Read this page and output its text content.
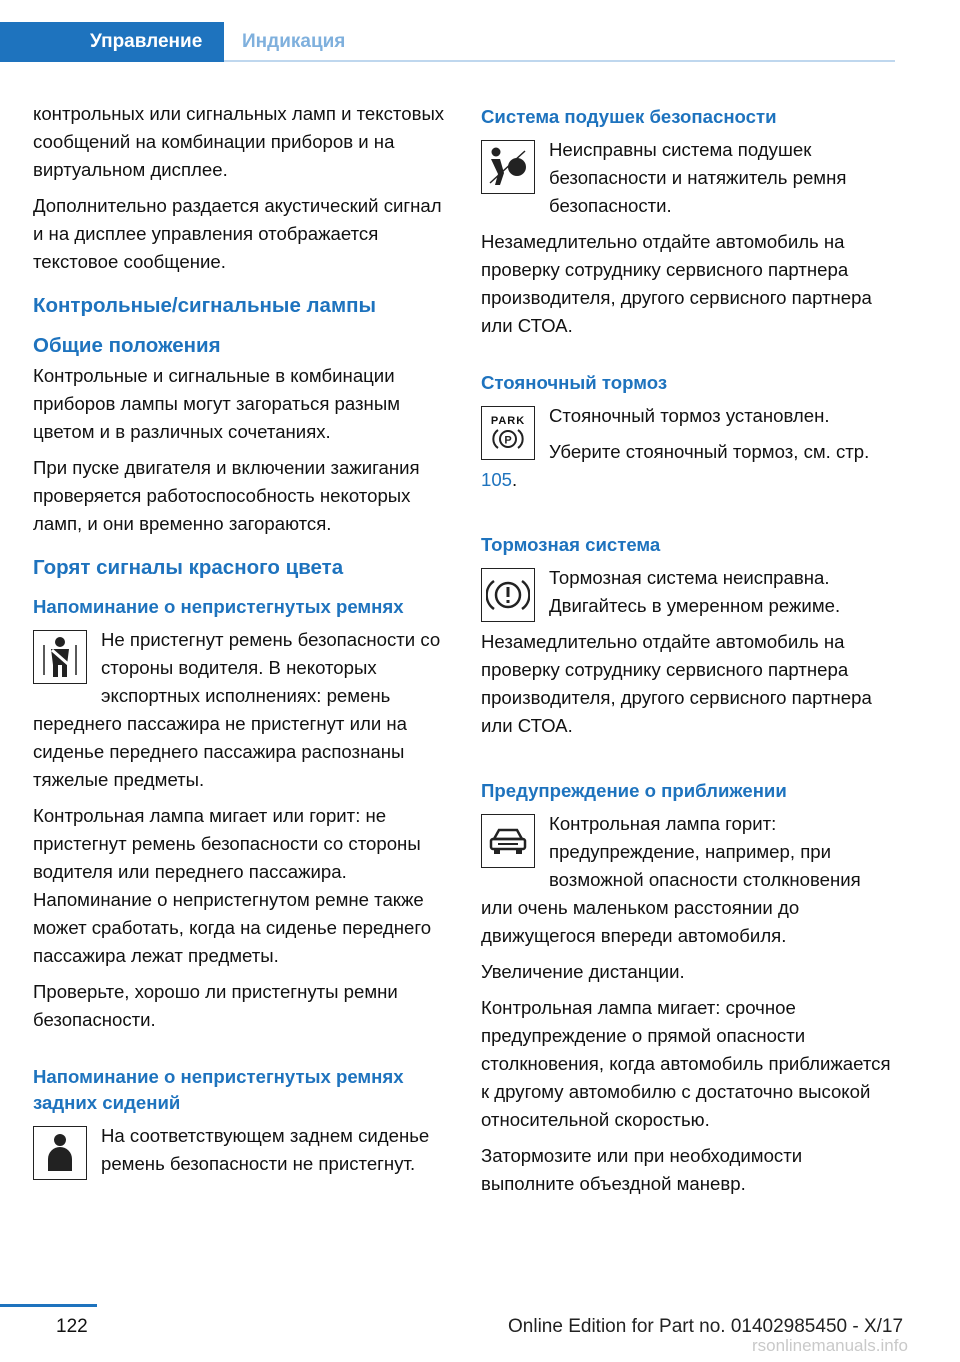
Управление	Индикация

контрольных или сигнальных ламп и текстовых сообщений на комбинации приборов и на виртуальном дисплее.

Дополнительно раздается акустический сигнал и на дисплее управления отображается текстовое сообщение.

Контрольные/сигнальные лампы
Общие положения

Контрольные и сигнальные в комбинации приборов лампы могут загораться разным цветом и в различных сочетаниях.

При пуске двигателя и включении зажигания проверяется работоспособность некоторых ламп, и они временно загораются.

Горят сигналы красного цвета
Напоминание о непристегнутых ремнях

Не пристегнут ремень безопасности со стороны водителя. В некоторых экспортных исполнениях: ремень переднего пассажира не пристегнут или на сиденье переднего пассажира распознаны тяжелые предметы.

Контрольная лампа мигает или горит: не пристегнут ремень безопасности со стороны водителя или переднего пассажира. Напоминание о непристегнутом ремне также может сработать, когда на сиденье переднего пассажира лежат предметы.

Проверьте, хорошо ли пристегнуты ремни безопасности.

Напоминание о непристегнутых ремнях задних сидений

На соответствующем заднем сиденье ремень безопасности не пристегнут.

Система подушек безопасности

Неисправны система подушек безопасности и натяжитель ремня безопасности.

Незамедлительно отдайте автомобиль на проверку сотруднику сервисного партнера производителя, другого сервисного партнера или СТОА.

Стояночный тормоз
PARK
P

Стояночный тормоз установлен.

Уберите стояночный тормоз, см. стр. 105.

Тормозная система

Тормозная система неисправна. Двигайтесь в умеренном режиме.

Незамедлительно отдайте автомобиль на проверку сотруднику сервисного партнера производителя, другого сервисного партнера или СТОА.

Предупреждение о приближении

Контрольная лампа горит: предупреждение, например, при возможной опасности столкновения или очень маленьком расстоянии до движущегося впереди автомобиля.

Увеличение дистанции.

Контрольная лампа мигает: срочное предупреждение о прямой опасности столкновения, когда автомобиль приближается к другому автомобилю с достаточно высокой относительной скоростью.

Затормозите или при необходимости выполните объездной маневр.

122	Online Edition for Part no. 01402985450 - X/17
rsonlinemanuals.info
